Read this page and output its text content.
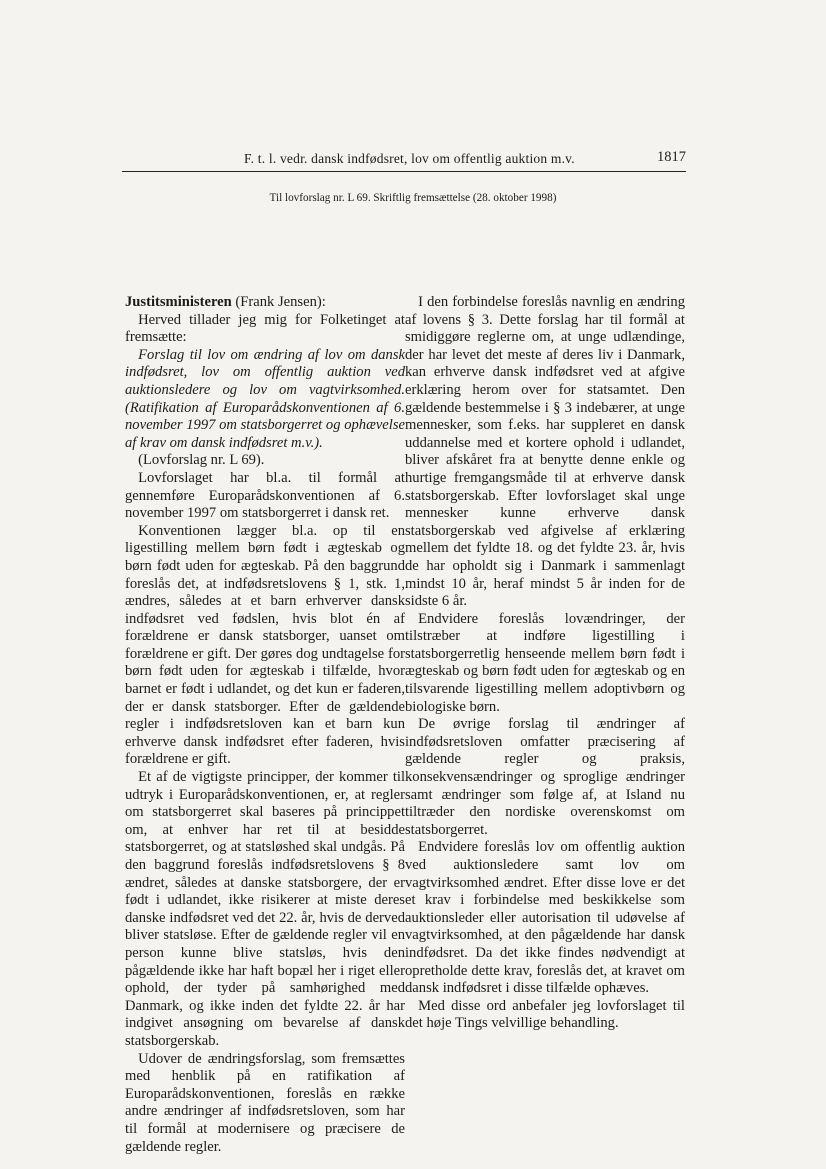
F. t. l. vedr. dansk indfødsret, lov om offentlig auktion m.v.	1817
Til lovforslag nr. L 69. Skriftlig fremsættelse (28. oktober 1998)

Justitsministeren (Frank Jensen):

Herved tillader jeg mig for Folketinget at fremsætte:

Forslag til lov om ændring af lov om dansk indfødsret, lov om offentlig auktion ved auktionsledere og lov om vagtvirksomhed. (Ratifikation af Europarådskonventionen af 6. november 1997 om statsborgerret og ophævelse af krav om dansk indfødsret m.v.).

(Lovforslag nr. L 69).

Lovforslaget har bl.a. til formål at gennemføre Europarådskonventionen af 6. november 1997 om statsborgerret i dansk ret.

Konventionen lægger bl.a. op til en ligestilling mellem børn født i ægteskab og børn født uden for ægteskab. På den baggrund foreslås det, at indfødsretslovens § 1, stk. 1, ændres, således at et barn erhverver dansk indfødsret ved fødslen, hvis blot én af forældrene er dansk statsborger, uanset om forældrene er gift. Der gøres dog undtagelse for børn født uden for ægteskab i tilfælde, hvor barnet er født i udlandet, og det kun er faderen, der er dansk statsborger. Efter de gældende regler i indfødsretsloven kan et barn kun erhverve dansk indfødsret efter faderen, hvis forældrene er gift.

Et af de vigtigste principper, der kommer til udtryk i Europarådskonventionen, er, at regler om statsborgerret skal baseres på princippet om, at enhver har ret til at besidde statsborgerret, og at statsløshed skal undgås. På den baggrund foreslås indfødsretslovens § 8 ændret, således at danske statsborgere, der er født i udlandet, ikke risikerer at miste deres danske indfødsret ved det 22. år, hvis de derved bliver statsløse. Efter de gældende regler vil en person kunne blive statsløs, hvis den pågældende ikke har haft bopæl her i riget eller ophold, der tyder på samhørighed med Danmark, og ikke inden det fyldte 22. år har indgivet ansøgning om bevarelse af dansk statsborgerskab.

Udover de ændringsforslag, som fremsættes med henblik på en ratifikation af Europarådskonventionen, foreslås en række andre ændringer af indfødsretsloven, som har til formål at modernisere og præcisere de gældende regler.

I den forbindelse foreslås navnlig en ændring af lovens § 3. Dette forslag har til formål at smidiggøre reglerne om, at unge udlændinge, der har levet det meste af deres liv i Danmark, kan erhverve dansk indfødsret ved at afgive erklæring herom over for statsamtet. Den gældende bestemmelse i § 3 indebærer, at unge mennesker, som f.eks. har suppleret en dansk uddannelse med et kortere ophold i udlandet, bliver afskåret fra at benytte denne enkle og hurtige fremgangsmåde til at erhverve dansk statsborgerskab. Efter lovforslaget skal unge mennesker kunne erhverve dansk statsborgerskab ved afgivelse af erklæring mellem det fyldte 18. og det fyldte 23. år, hvis de har opholdt sig i Danmark i sammenlagt mindst 10 år, heraf mindst 5 år inden for de sidste 6 år.

Endvidere foreslås lovændringer, der tilstræber at indføre ligestilling i statsborgerretlig henseende mellem børn født i ægteskab og børn født uden for ægteskab og en tilsvarende ligestilling mellem adoptivbørn og biologiske børn.

De øvrige forslag til ændringer af indfødsretsloven omfatter præcisering af gældende regler og praksis, konsekvensændringer og sproglige ændringer samt ændringer som følge af, at Island nu tiltræder den nordiske overenskomst om statsborgerret.

Endvidere foreslås lov om offentlig auktion ved auktionsledere samt lov om vagtvirksomhed ændret. Efter disse love er det et krav i forbindelse med beskikkelse som auktionsleder eller autorisation til udøvelse af vagtvirksomhed, at den pågældende har dansk indfødsret. Da det ikke findes nødvendigt at opretholde dette krav, foreslås det, at kravet om dansk indfødsret i disse tilfælde ophæves.

Med disse ord anbefaler jeg lovforslaget til det høje Tings velvillige behandling.
